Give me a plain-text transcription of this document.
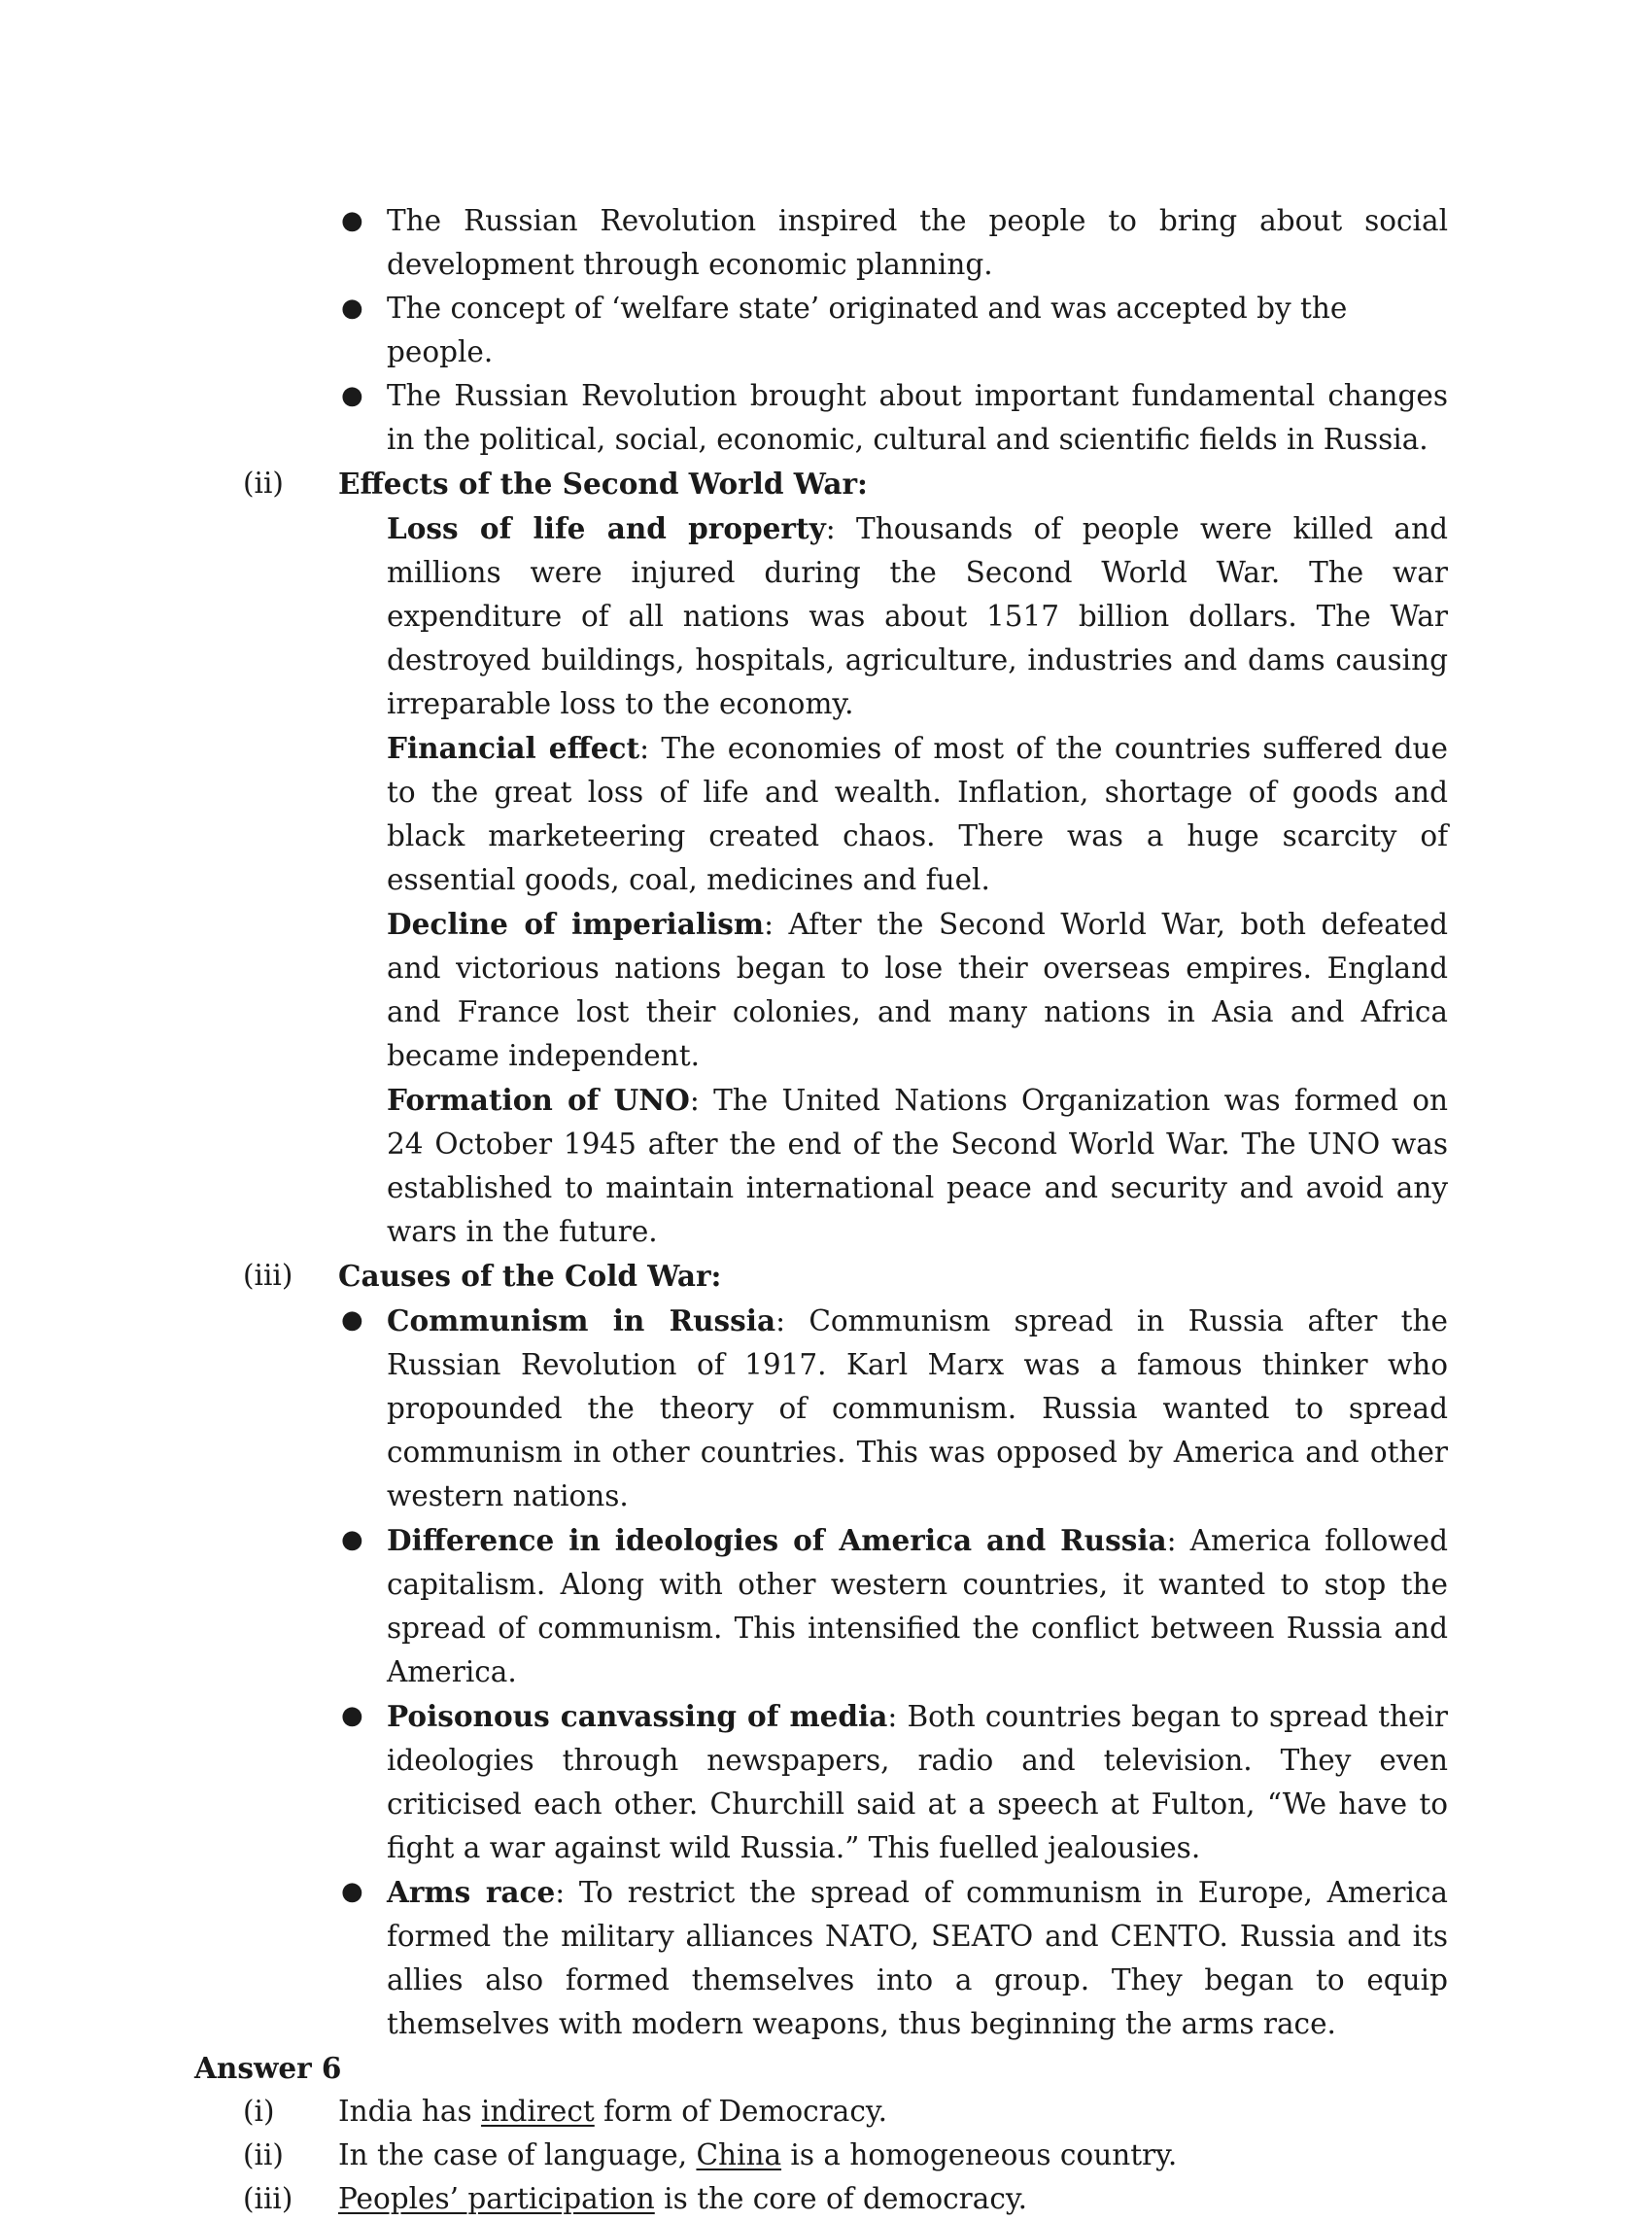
● The Russian Revolution inspired the people to bring about social development through economic planning.
● The concept of ‘welfare state’ originated and was accepted by the people.
● The Russian Revolution brought about important fundamental changes in the political, social, economic, cultural and scientific fields in Russia.
(ii) Effects of the Second World War:
Loss of life and property: Thousands of people were killed and millions were injured during the Second World War. The war expenditure of all nations was about 1517 billion dollars. The War destroyed buildings, hospitals, agriculture, industries and dams causing irreparable loss to the economy.
Financial effect: The economies of most of the countries suffered due to the great loss of life and wealth. Inflation, shortage of goods and black marketeering created chaos. There was a huge scarcity of essential goods, coal, medicines and fuel.
Decline of imperialism: After the Second World War, both defeated and victorious nations began to lose their overseas empires. England and France lost their colonies, and many nations in Asia and Africa became independent.
Formation of UNO: The United Nations Organization was formed on 24 October 1945 after the end of the Second World War. The UNO was established to maintain international peace and security and avoid any wars in the future.
(iii) Causes of the Cold War:
● Communism in Russia: Communism spread in Russia after the Russian Revolution of 1917. Karl Marx was a famous thinker who propounded the theory of communism. Russia wanted to spread communism in other countries. This was opposed by America and other western nations.
● Difference in ideologies of America and Russia: America followed capitalism. Along with other western countries, it wanted to stop the spread of communism. This intensified the conflict between Russia and America.
● Poisonous canvassing of media: Both countries began to spread their ideologies through newspapers, radio and television. They even criticised each other. Churchill said at a speech at Fulton, “We have to fight a war against wild Russia.” This fuelled jealousies.
● Arms race: To restrict the spread of communism in Europe, America formed the military alliances NATO, SEATO and CENTO. Russia and its allies also formed themselves into a group. They began to equip themselves with modern weapons, thus beginning the arms race.
Answer 6
(i) India has indirect form of Democracy.
(ii) In the case of language, China is a homogeneous country.
(iii) Peoples’ participation is the core of democracy.
